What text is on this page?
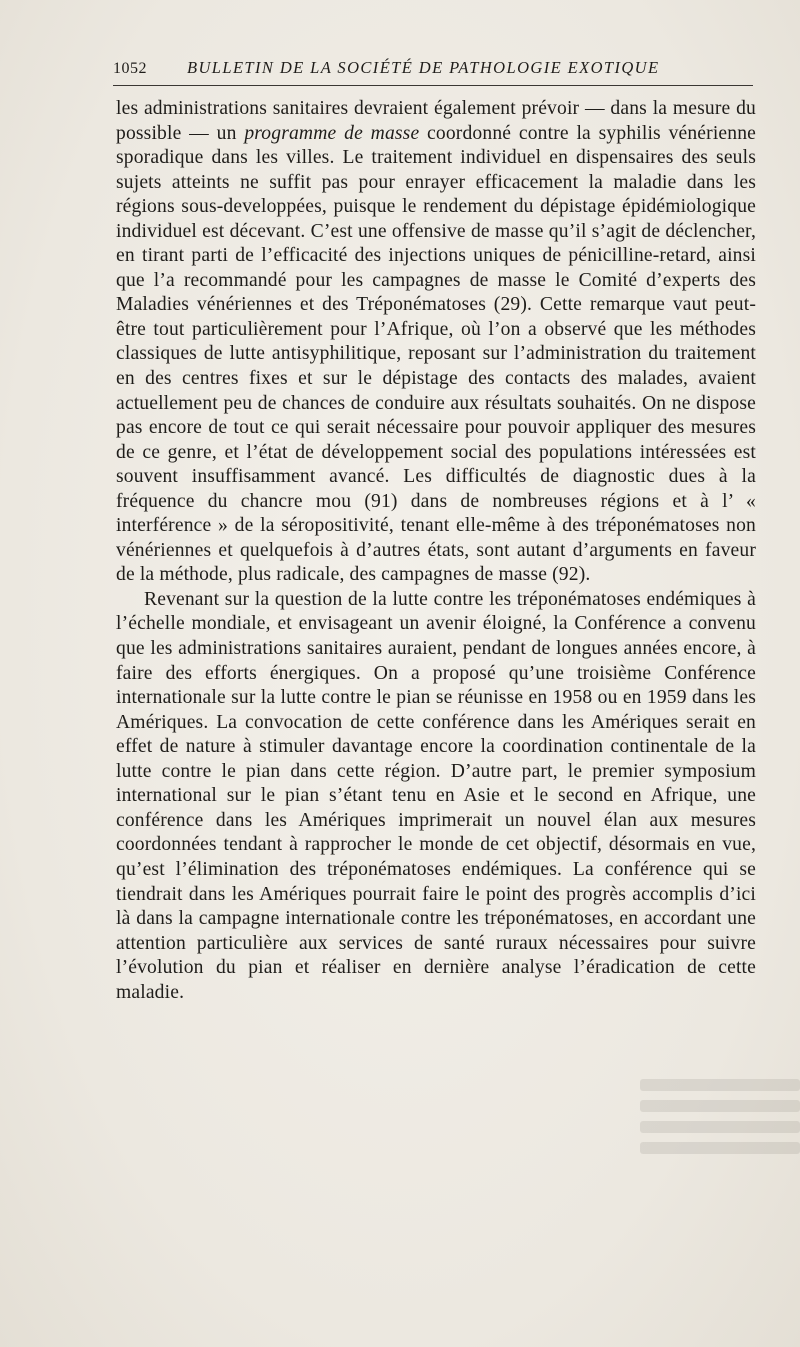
1052 BULLETIN DE LA SOCIÉTÉ DE PATHOLOGIE EXOTIQUE

les administrations sanitaires devraient également prévoir — dans la mesure du possible — un programme de masse coordonné contre la syphilis vénérienne sporadique dans les villes. Le traitement individuel en dispensaires des seuls sujets atteints ne suffit pas pour enrayer efficacement la maladie dans les régions sous-developpées, puisque le rendement du dépistage épidémiologique individuel est décevant. C’est une offensive de masse qu’il s’agit de déclencher, en tirant parti de l’efficacité des injections uniques de pénicilline-retard, ainsi que l’a recommandé pour les campagnes de masse le Comité d’experts des Maladies vénériennes et des Tréponématoses (29). Cette remarque vaut peut-être tout particulièrement pour l’Afrique, où l’on a observé que les méthodes classiques de lutte antisyphilitique, reposant sur l’administration du traitement en des centres fixes et sur le dépistage des contacts des malades, avaient actuellement peu de chances de conduire aux résultats souhaités. On ne dispose pas encore de tout ce qui serait nécessaire pour pouvoir appliquer des mesures de ce genre, et l’état de développement social des populations intéressées est souvent insuffisamment avancé. Les difficultés de diagnostic dues à la fréquence du chancre mou (91) dans de nombreuses régions et à l’ « interférence » de la séropositivité, tenant elle-même à des tréponématoses non vénériennes et quelquefois à d’autres états, sont autant d’arguments en faveur de la méthode, plus radicale, des campagnes de masse (92).

Revenant sur la question de la lutte contre les tréponématoses endémiques à l’échelle mondiale, et envisageant un avenir éloigné, la Conférence a convenu que les administrations sanitaires auraient, pendant de longues années encore, à faire des efforts énergiques. On a proposé qu’une troisième Conférence internationale sur la lutte contre le pian se réunisse en 1958 ou en 1959 dans les Amériques. La convocation de cette conférence dans les Amériques serait en effet de nature à stimuler davantage encore la coordination continentale de la lutte contre le pian dans cette région. D’autre part, le premier symposium international sur le pian s’étant tenu en Asie et le second en Afrique, une conférence dans les Amériques imprimerait un nouvel élan aux mesures coordonnées tendant à rapprocher le monde de cet objectif, désormais en vue, qu’est l’élimination des tréponématoses endémiques. La conférence qui se tiendrait dans les Amériques pourrait faire le point des progrès accomplis d’ici là dans la campagne internationale contre les tréponématoses, en accordant une attention particulière aux services de santé ruraux nécessaires pour suivre l’évolution du pian et réaliser en dernière analyse l’éradication de cette maladie.
